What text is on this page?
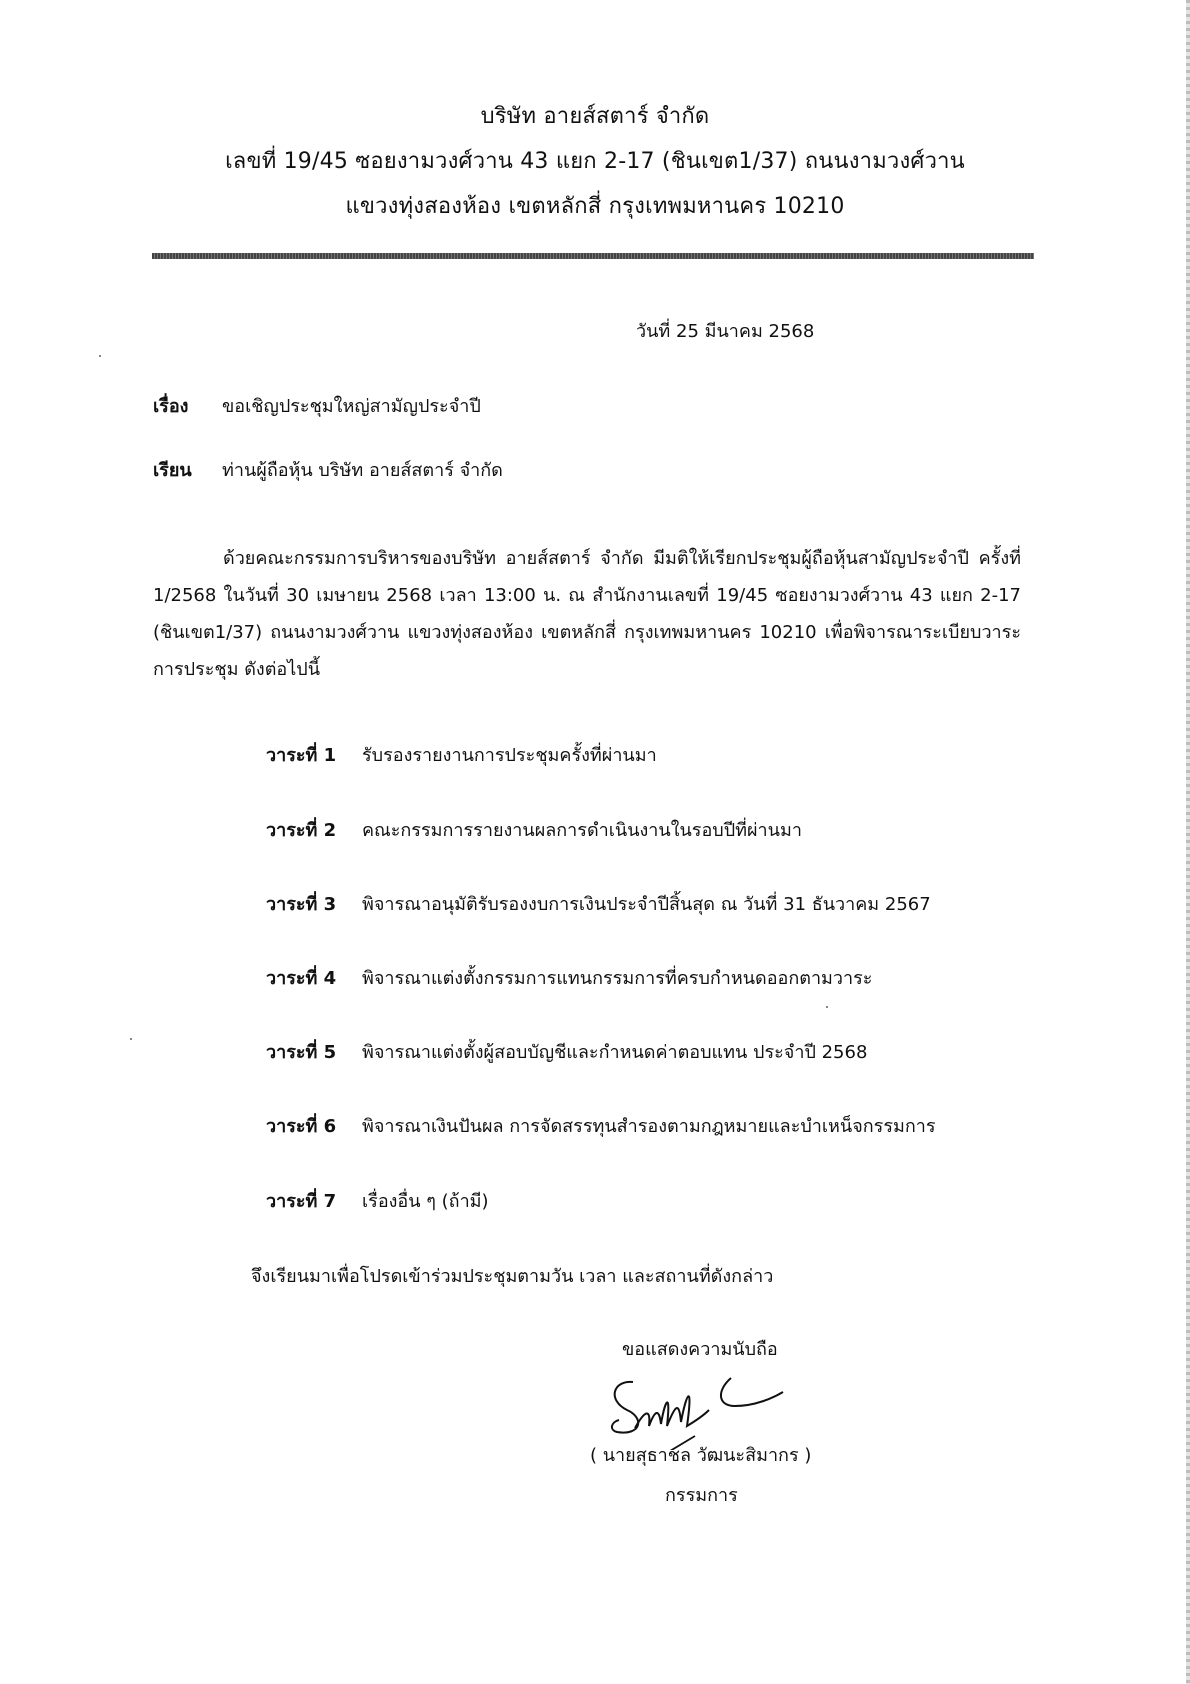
บริษัท อายส์สตาร์ จำกัด
เลขที่ 19/45 ซอยงามวงศ์วาน 43 แยก 2-17 (ชินเขต1/37) ถนนงามวงศ์วาน
แขวงทุ่งสองห้อง เขตหลักสี่ กรุงเทพมหานคร 10210
วันที่ 25 มีนาคม 2568
เรื่อง ขอเชิญประชุมใหญ่สามัญประจำปี
เรียน ท่านผู้ถือหุ้น บริษัท อายส์สตาร์ จำกัด

ด้วยคณะกรรมการบริหารของบริษัท อายส์สตาร์ จำกัด มีมติให้เรียกประชุมผู้ถือหุ้นสามัญประจำปี ครั้งที่ 1/2568 ในวันที่ 30 เมษายน 2568 เวลา 13:00 น. ณ สำนักงานเลขที่ 19/45 ซอยงามวงศ์วาน 43 แยก 2-17 (ชินเขต1/37) ถนนงามวงศ์วาน แขวงทุ่งสองห้อง เขตหลักสี่ กรุงเทพมหานคร 10210 เพื่อพิจารณาระเบียบวาระการประชุม ดังต่อไปนี้

วาระที่ 1 รับรองรายงานการประชุมครั้งที่ผ่านมา
วาระที่ 2 คณะกรรมการรายงานผลการดำเนินงานในรอบปีที่ผ่านมา
วาระที่ 3 พิจารณาอนุมัติรับรองงบการเงินประจำปีสิ้นสุด ณ วันที่ 31 ธันวาคม 2567
วาระที่ 4 พิจารณาแต่งตั้งกรรมการแทนกรรมการที่ครบกำหนดออกตามวาระ
วาระที่ 5 พิจารณาแต่งตั้งผู้สอบบัญชีและกำหนดค่าตอบแทน ประจำปี 2568
วาระที่ 6 พิจารณาเงินปันผล การจัดสรรทุนสำรองตามกฎหมายและบำเหน็จกรรมการ
วาระที่ 7 เรื่องอื่น ๆ (ถ้ามี)
จึงเรียนมาเพื่อโปรดเข้าร่วมประชุมตามวัน เวลา และสถานที่ดังกล่าว
ขอแสดงความนับถือ
( นายสุธาชล วัฒนะสิมากร )
กรรมการ
